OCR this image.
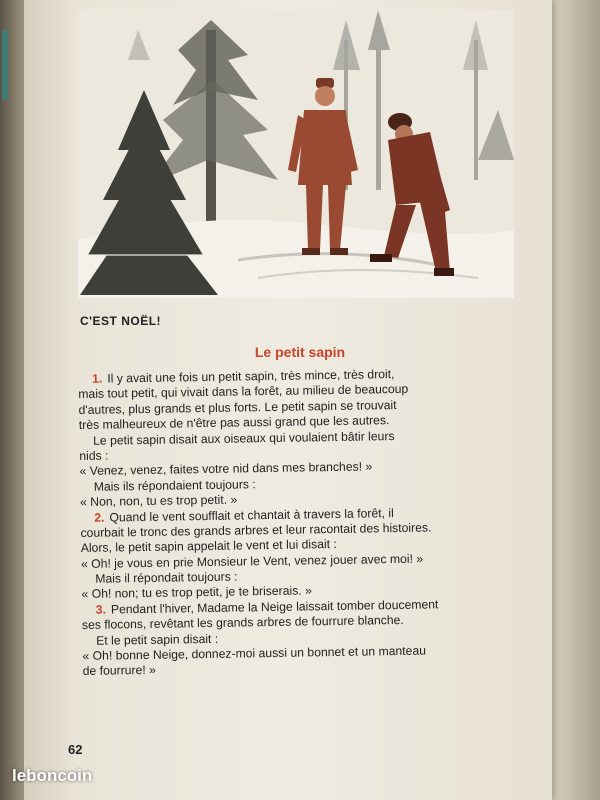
C'EST NOËL!
Le petit sapin
1. Il y avait une fois un petit sapin, très mince, très droit,
mais tout petit, qui vivait dans la forêt, au milieu de beaucoup
d'autres, plus grands et plus forts. Le petit sapin se trouvait
très malheureux de n'être pas aussi grand que les autres.
Le petit sapin disait aux oiseaux qui voulaient bâtir leurs
nids :
« Venez, venez, faites votre nid dans mes branches! »
Mais ils répondaient toujours :
« Non, non, tu es trop petit. »
2. Quand le vent soufflait et chantait à travers la forêt, il
courbait le tronc des grands arbres et leur racontait des histoires.
Alors, le petit sapin appelait le vent et lui disait :
« Oh! je vous en prie Monsieur le Vent, venez jouer avec moi! »
Mais il répondait toujours :
« Oh! non; tu es trop petit, je te briserais. »
3. Pendant l'hiver, Madame la Neige laissait tomber doucement
ses flocons, revêtant les grands arbres de fourrure blanche.
Et le petit sapin disait :
« Oh! bonne Neige, donnez-moi aussi un bonnet et un manteau
de fourrure! »
62
leboncoin
